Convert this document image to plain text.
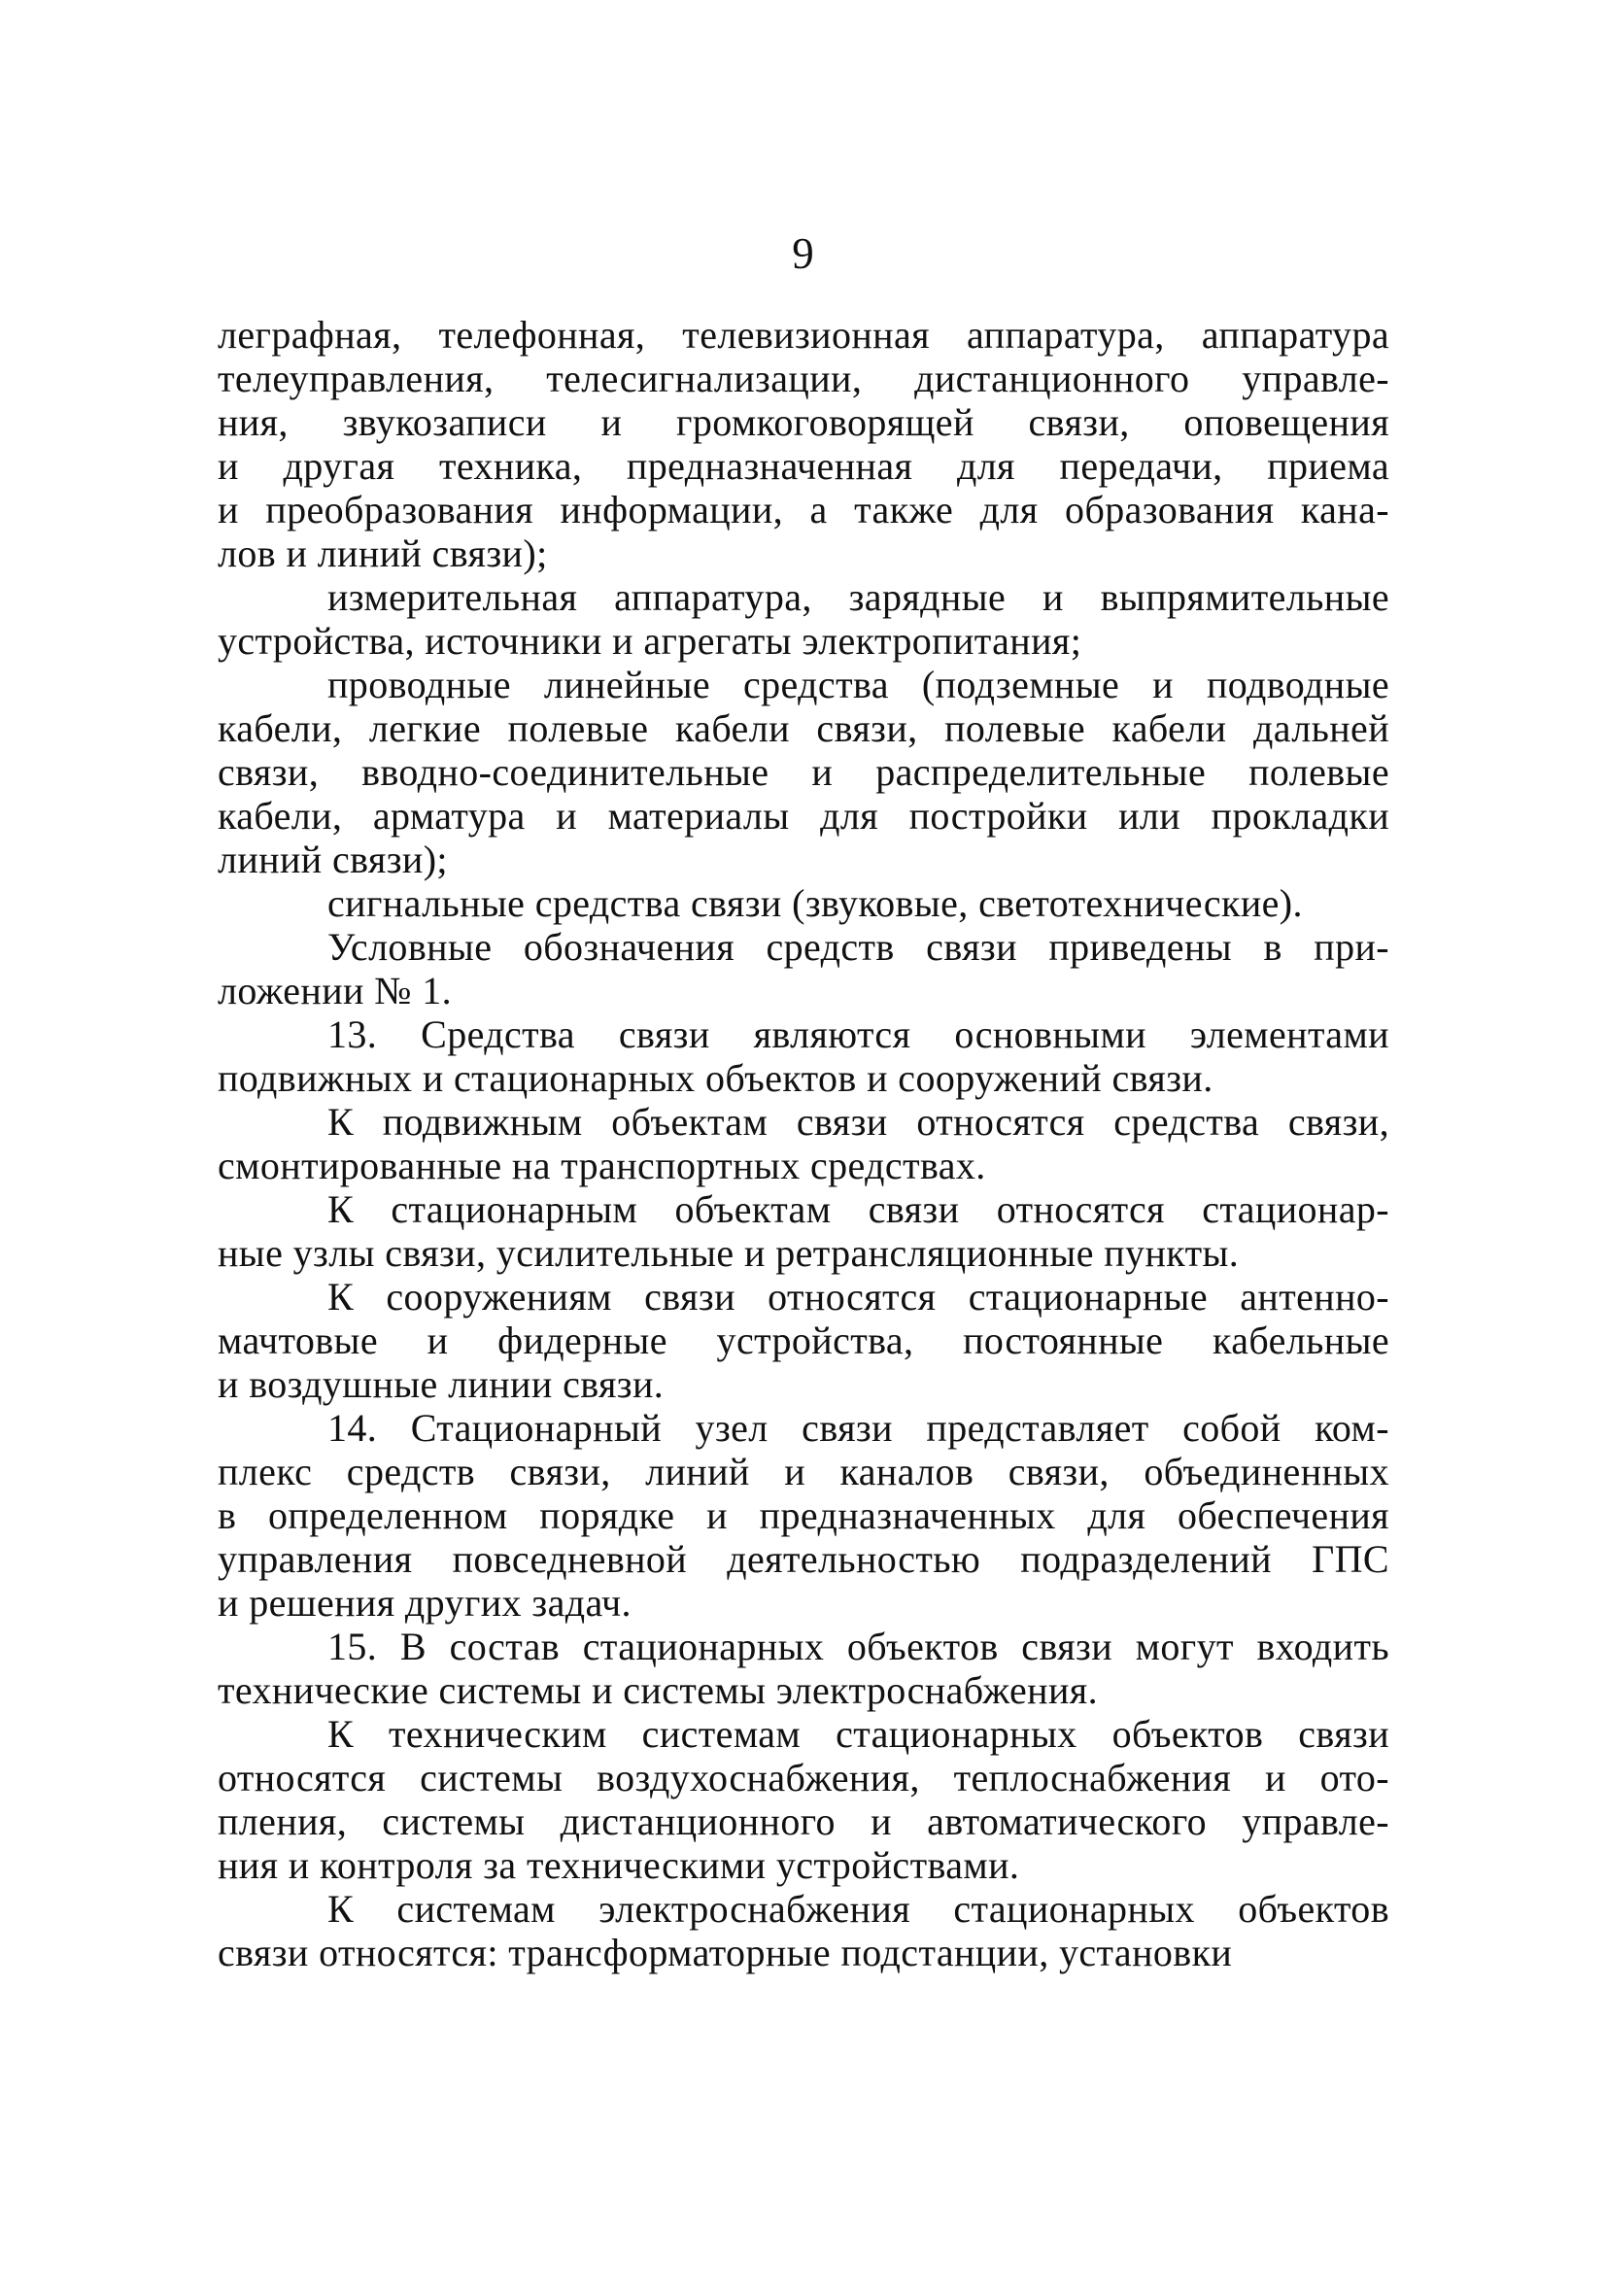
9
леграфная, телефонная, телевизионная аппаратура, аппаратура
телеуправления, телесигнализации, дистанционного управле-
ния, звукозаписи и громкоговорящей связи, оповещения
и другая техника, предназначенная для передачи, приема
и преобразования информации, а также для образования кана-
лов и линий связи);
измерительная аппаратура, зарядные и выпрямительные
устройства, источники и агрегаты электропитания;
проводные линейные средства (подземные и подводные
кабели, легкие полевые кабели связи, полевые кабели дальней
связи, вводно-соединительные и распределительные полевые
кабели, арматура и материалы для постройки или прокладки
линий связи);
сигнальные средства связи (звуковые, светотехнические).
Условные обозначения средств связи приведены в при-
ложении № 1.
13. Средства связи являются основными элементами
подвижных и стационарных объектов и сооружений связи.
К подвижным объектам связи относятся средства связи,
смонтированные на транспортных средствах.
К стационарным объектам связи относятся стационар-
ные узлы связи, усилительные и ретрансляционные пункты.
К сооружениям связи относятся стационарные антенно-
мачтовые и фидерные устройства, постоянные кабельные
и воздушные линии связи.
14. Стационарный узел связи представляет собой ком-
плекс средств связи, линий и каналов связи, объединенных
в определенном порядке и предназначенных для обеспечения
управления повседневной деятельностью подразделений ГПС
и решения других задач.
15. В состав стационарных объектов связи могут входить
технические системы и системы электроснабжения.
К техническим системам стационарных объектов связи
относятся системы воздухоснабжения, теплоснабжения и ото-
пления, системы дистанционного и автоматического управле-
ния и контроля за техническими устройствами.
К системам электроснабжения стационарных объектов
связи относятся: трансформаторные подстанции, установки
